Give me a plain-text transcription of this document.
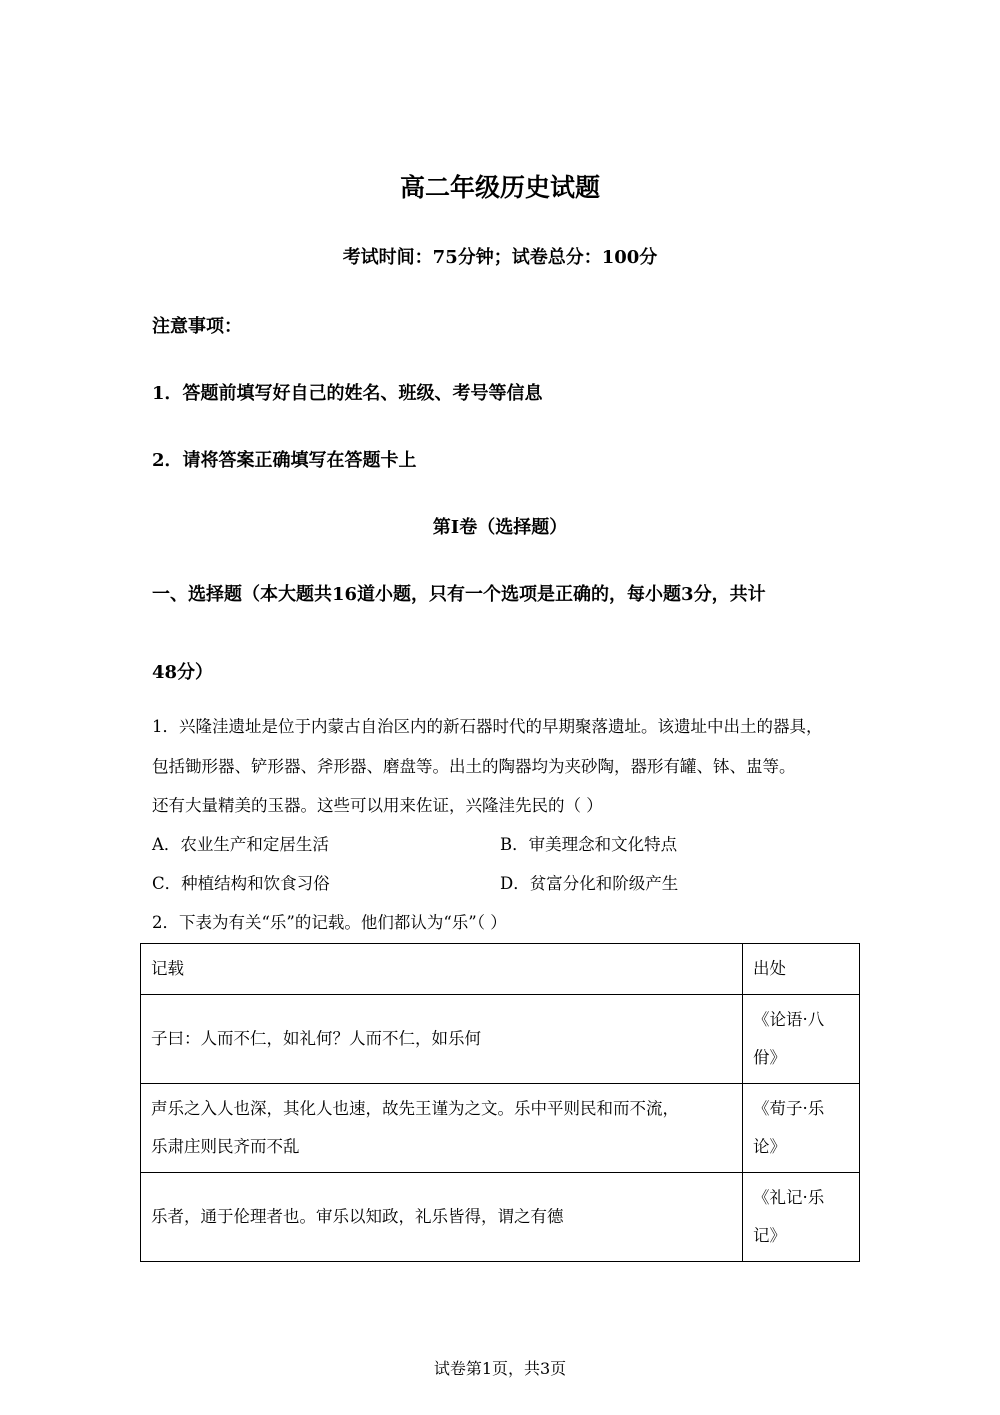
高二年级历史试题
考试时间：75分钟；试卷总分：100分
注意事项：
1．答题前填写好自己的姓名、班级、考号等信息
2．请将答案正确填写在答题卡上
第I卷（选择题）
一、选择题（本大题共16道小题，只有一个选项是正确的，每小题3分，共计
48分）
1．兴隆洼遗址是位于内蒙古自治区内的新石器时代的早期聚落遗址。该遗址中出土的器具，
包括锄形器、铲形器、斧形器、磨盘等。出土的陶器均为夹砂陶，器形有罐、钵、盅等。
还有大量精美的玉器。这些可以用来佐证，兴隆洼先民的（ ）
A．农业生产和定居生活	B．审美理念和文化特点
C．种植结构和饮食习俗	D．贫富分化和阶级产生
2．下表为有关“乐”的记载。他们都认为“乐”（ ）
记载	出处
子曰：人而不仁，如礼何？人而不仁，如乐何	《论语·八
佾》
声乐之入人也深，其化人也速，故先王谨为之文。乐中平则民和而不流，
乐肃庄则民齐而不乱	《荀子·乐
论》
乐者，通于伦理者也。审乐以知政，礼乐皆得，谓之有德	《礼记·乐
记》
试卷第1页，共3页
